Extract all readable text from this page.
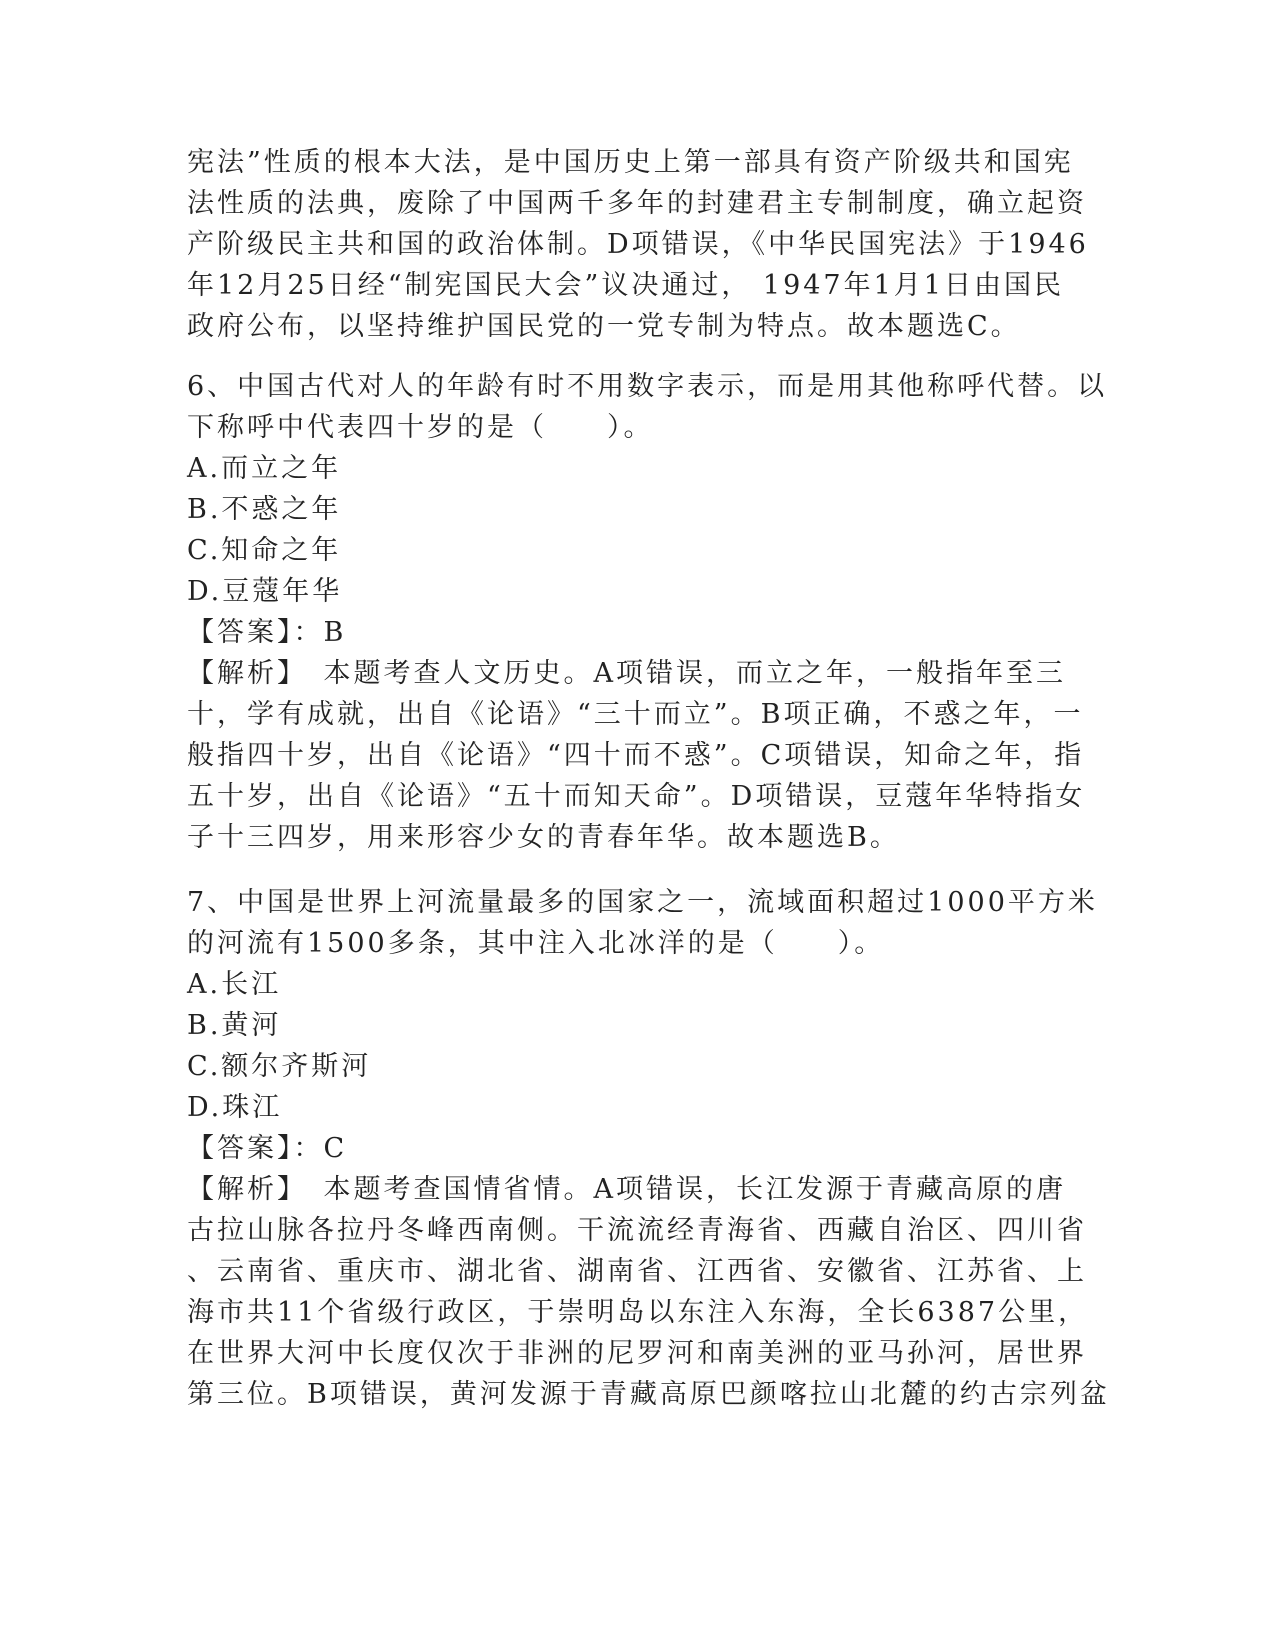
宪法”性质的根本大法，是中国历史上第一部具有资产阶级共和国宪
法性质的法典，废除了中国两千多年的封建君主专制制度，确立起资
产阶级民主共和国的政治体制。D项错误，《中华民国宪法》于1946
年12月25日经“制宪国民大会”议决通过， 1947年1月1日由国民
政府公布，以坚持维护国民党的一党专制为特点。故本题选C。
6、中国古代对人的年龄有时不用数字表示，而是用其他称呼代替。以
下称呼中代表四十岁的是（　　）。
A.而立之年
B.不惑之年
C.知命之年
D.豆蔻年华
【答案】：B
【解析】　本题考查人文历史。A项错误，而立之年，一般指年至三
十，学有成就，出自《论语》“三十而立”。B项正确，不惑之年，一
般指四十岁，出自《论语》“四十而不惑”。C项错误，知命之年，指
五十岁，出自《论语》“五十而知天命”。D项错误，豆蔻年华特指女
子十三四岁，用来形容少女的青春年华。故本题选B。
7、中国是世界上河流量最多的国家之一，流域面积超过1000平方米
的河流有1500多条，其中注入北冰洋的是（　　）。
A.长江
B.黄河
C.额尔齐斯河
D.珠江
【答案】：C
【解析】　本题考查国情省情。A项错误，长江发源于青藏高原的唐
古拉山脉各拉丹冬峰西南侧。干流流经青海省、西藏自治区、四川省
、云南省、重庆市、湖北省、湖南省、江西省、安徽省、江苏省、上
海市共11个省级行政区，于崇明岛以东注入东海，全长6387公里，
在世界大河中长度仅次于非洲的尼罗河和南美洲的亚马孙河，居世界
第三位。B项错误，黄河发源于青藏高原巴颜喀拉山北麓的约古宗列盆
